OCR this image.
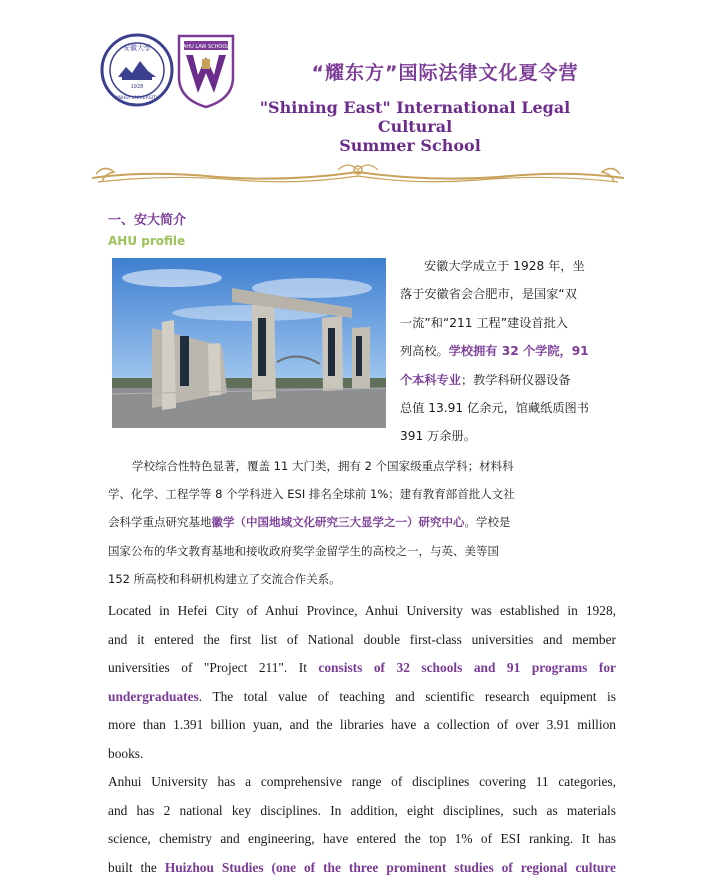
安徽大學
1928
ANHUI UNIVERSITY
AHU LAW SCHOOL
“耀东方”国际法律文化夏令营
"Shining East" International Legal Cultural
Summer School
一、安大简介
AHU profile
安徽大学成立于 1928 年，坐
落于安徽省会合肥市，是国家“双
一流”和“211 工程”建设首批入
列高校。学校拥有 32 个学院，91
个本科专业；教学科研仪器设备
总值 13.91 亿余元，馆藏纸质图书
391 万余册。
学校综合性特色显著，覆盖 11 大门类，拥有 2 个国家级重点学科；材料科
学、化学、工程学等 8 个学科进入 ESI 排名全球前 1%；建有教育部首批人文社
会科学重点研究基地徽学（中国地域文化研究三大显学之一）研究中心。学校是
国家公布的华文教育基地和接收政府奖学金留学生的高校之一，与英、美等国
152 所高校和科研机构建立了交流合作关系。
Located in Hefei City of Anhui Province, Anhui University was established in 1928,
and it entered the first list of National double first-class universities and member
universities of "Project 211". It consists of 32 schools and 91 programs for
undergraduates. The total value of teaching and scientific research equipment is
more than 1.391 billion yuan, and the libraries have a collection of over 3.91 million
books.
Anhui University has a comprehensive range of disciplines covering 11 categories,
and has 2 national key disciplines. In addition, eight disciplines, such as materials
science, chemistry and engineering, have entered the top 1% of ESI ranking. It has
built the Huizhou Studies (one of the three prominent studies of regional culture
